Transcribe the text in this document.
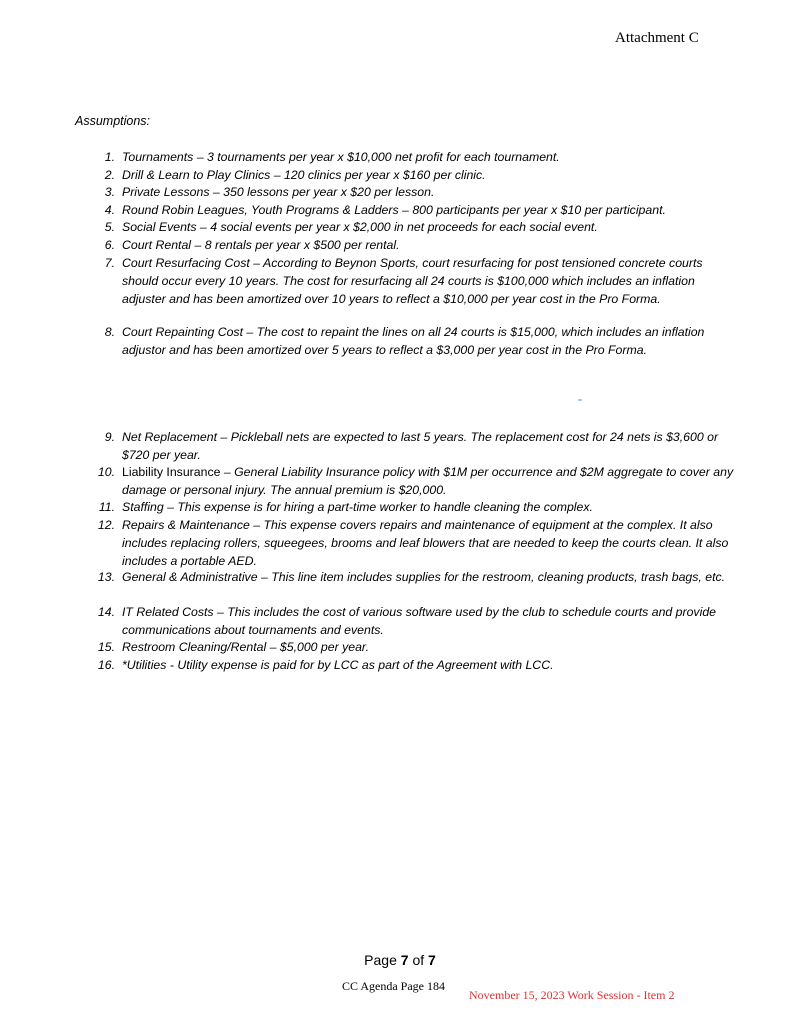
Attachment C
Assumptions:
1. Tournaments – 3 tournaments per year x $10,000 net profit for each tournament.
2. Drill & Learn to Play Clinics – 120 clinics per year x $160 per clinic.
3. Private Lessons – 350 lessons per year x $20 per lesson.
4. Round Robin Leagues, Youth Programs & Ladders – 800 participants per year x $10 per participant.
5. Social Events – 4 social events per year x $2,000 in net proceeds for each social event.
6. Court Rental – 8 rentals per year x $500 per rental.
7. Court Resurfacing Cost – According to Beynon Sports, court resurfacing for post tensioned concrete courts should occur every 10 years. The cost for resurfacing all 24 courts is $100,000 which includes an inflation adjuster and has been amortized over 10 years to reflect a $10,000 per year cost in the Pro Forma.
8. Court Repainting Cost – The cost to repaint the lines on all 24 courts is $15,000, which includes an inflation adjustor and has been amortized over 5 years to reflect a $3,000 per year cost in the Pro Forma.
9. Net Replacement – Pickleball nets are expected to last 5 years. The replacement cost for 24 nets is $3,600 or $720 per year.
10. Liability Insurance – General Liability Insurance policy with $1M per occurrence and $2M aggregate to cover any damage or personal injury. The annual premium is $20,000.
11. Staffing – This expense is for hiring a part-time worker to handle cleaning the complex.
12. Repairs & Maintenance – This expense covers repairs and maintenance of equipment at the complex. It also includes replacing rollers, squeegees, brooms and leaf blowers that are needed to keep the courts clean. It also includes a portable AED.
13. General & Administrative – This line item includes supplies for the restroom, cleaning products, trash bags, etc.
14. IT Related Costs – This includes the cost of various software used by the club to schedule courts and provide communications about tournaments and events.
15. Restroom Cleaning/Rental – $5,000 per year.
16. *Utilities - Utility expense is paid for by LCC as part of the Agreement with LCC.
Page 7 of 7
CC Agenda Page 184
November 15, 2023 Work Session - Item 2
